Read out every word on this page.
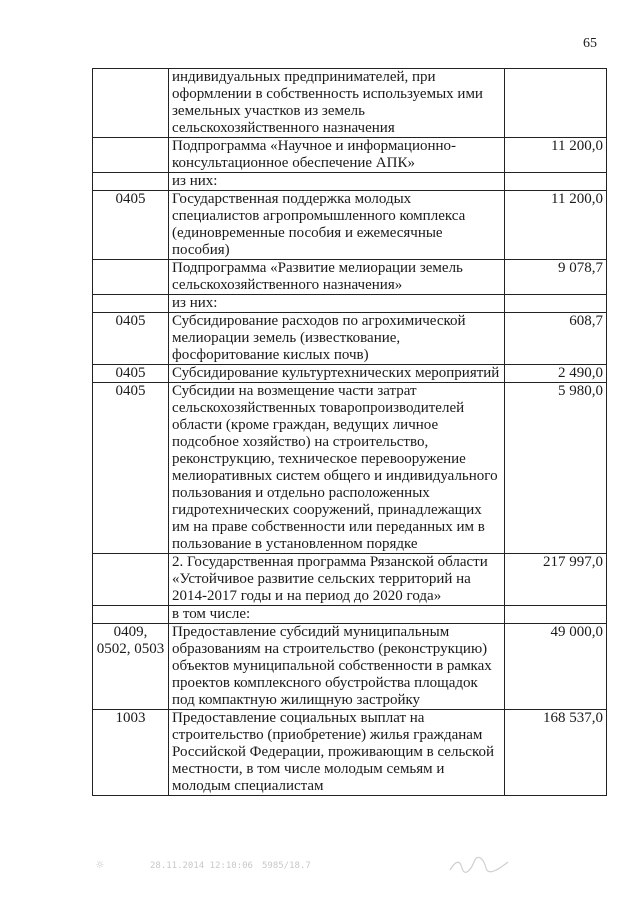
65
	индивидуальных предпринимателей, при оформлении в собственность используемых ими земельных участков из земель сельскохозяйственного назначения	
	Подпрограмма «Научное и информационно-консультационное обеспечение АПК»	11 200,0
	из них:	
0405	Государственная поддержка молодых специалистов агропромышленного комплекса (единовременные пособия и ежемесячные пособия)	11 200,0
	Подпрограмма «Развитие мелиорации земель сельскохозяйственного назначения»	9 078,7
	из них:	
0405	Субсидирование расходов по агрохимической мелиорации земель (известкование, фосфоритование кислых почв)	608,7
0405	Субсидирование культуртехнических мероприятий	2 490,0
0405	Субсидии на возмещение части затрат сельскохозяйственных товаропроизводителей области (кроме граждан, ведущих личное подсобное хозяйство) на строительство, реконструкцию, техническое перевооружение мелиоративных систем общего и индивидуального пользования и отдельно расположенных гидротехнических сооружений, принадлежащих им на праве собственности или переданных им в пользование в установленном порядке	5 980,0
	2. Государственная программа Рязанской области «Устойчивое развитие сельских территорий на 2014-2017 годы и на период до 2020 года»	217 997,0
	в том числе:	
0409, 0502, 0503	Предоставление субсидий муниципальным образованиям на строительство (реконструкцию) объектов муниципальной собственности в рамках проектов комплексного обустройства площадок под компактную жилищную застройку	49 000,0
1003	Предоставление социальных выплат на строительство (приобретение) жилья гражданам Российской Федерации, проживающим в сельской местности, в том числе молодым семьям и молодым специалистам	168 537,0
☼	28.11.2014 12:10:06 5985/18.7
